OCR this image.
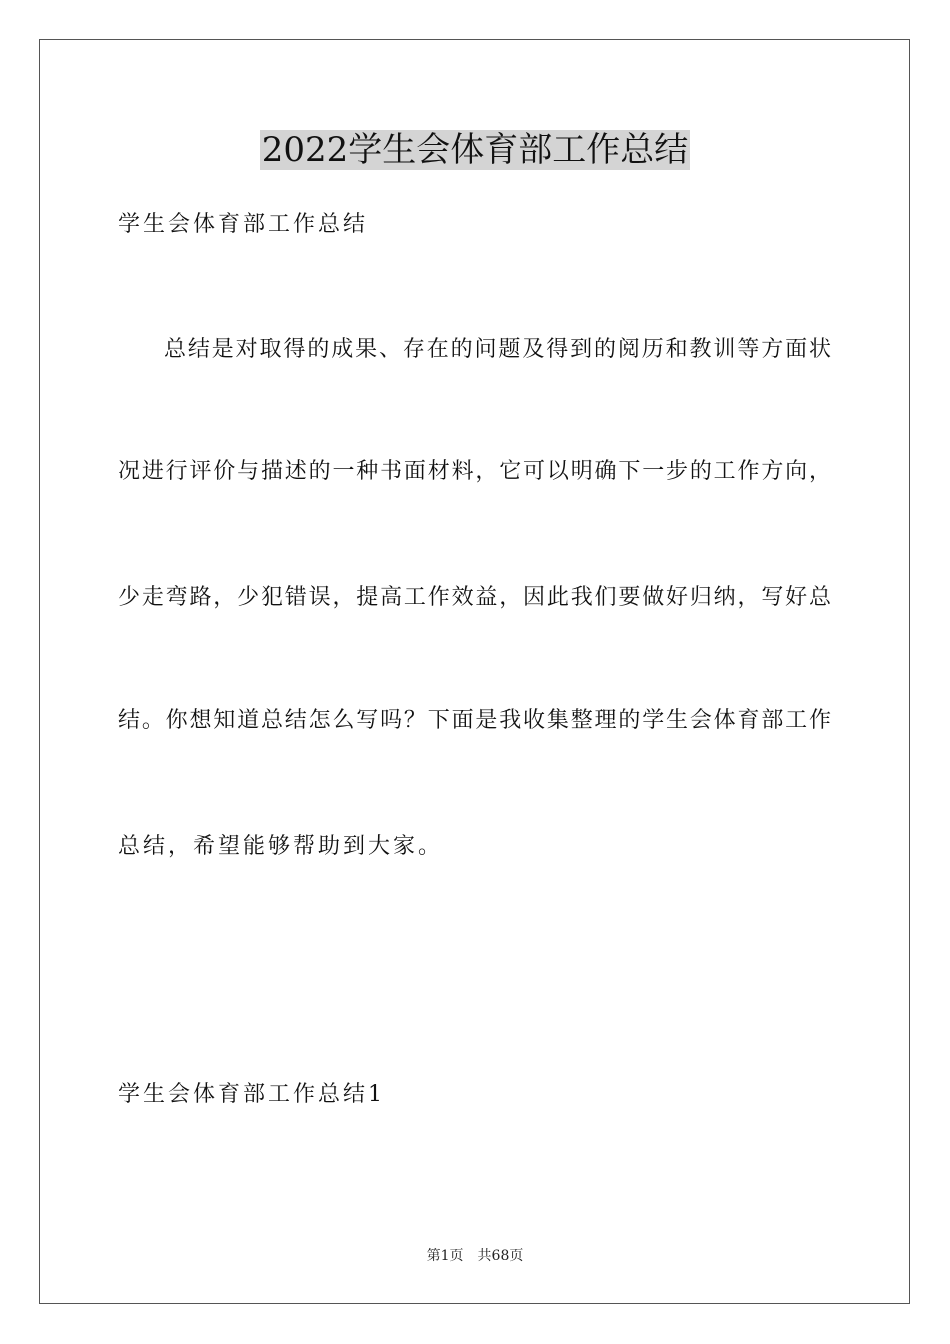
2022学生会体育部工作总结

学生会体育部工作总结

总结是对取得的成果、存在的问题及得到的阅历和教训等方面状

况进行评价与描述的一种书面材料，它可以明确下一步的工作方向，

少走弯路，少犯错误，提高工作效益，因此我们要做好归纳，写好总

结。你想知道总结怎么写吗？下面是我收集整理的学生会体育部工作

总结，希望能够帮助到大家。

学生会体育部工作总结1

第1页 共68页
